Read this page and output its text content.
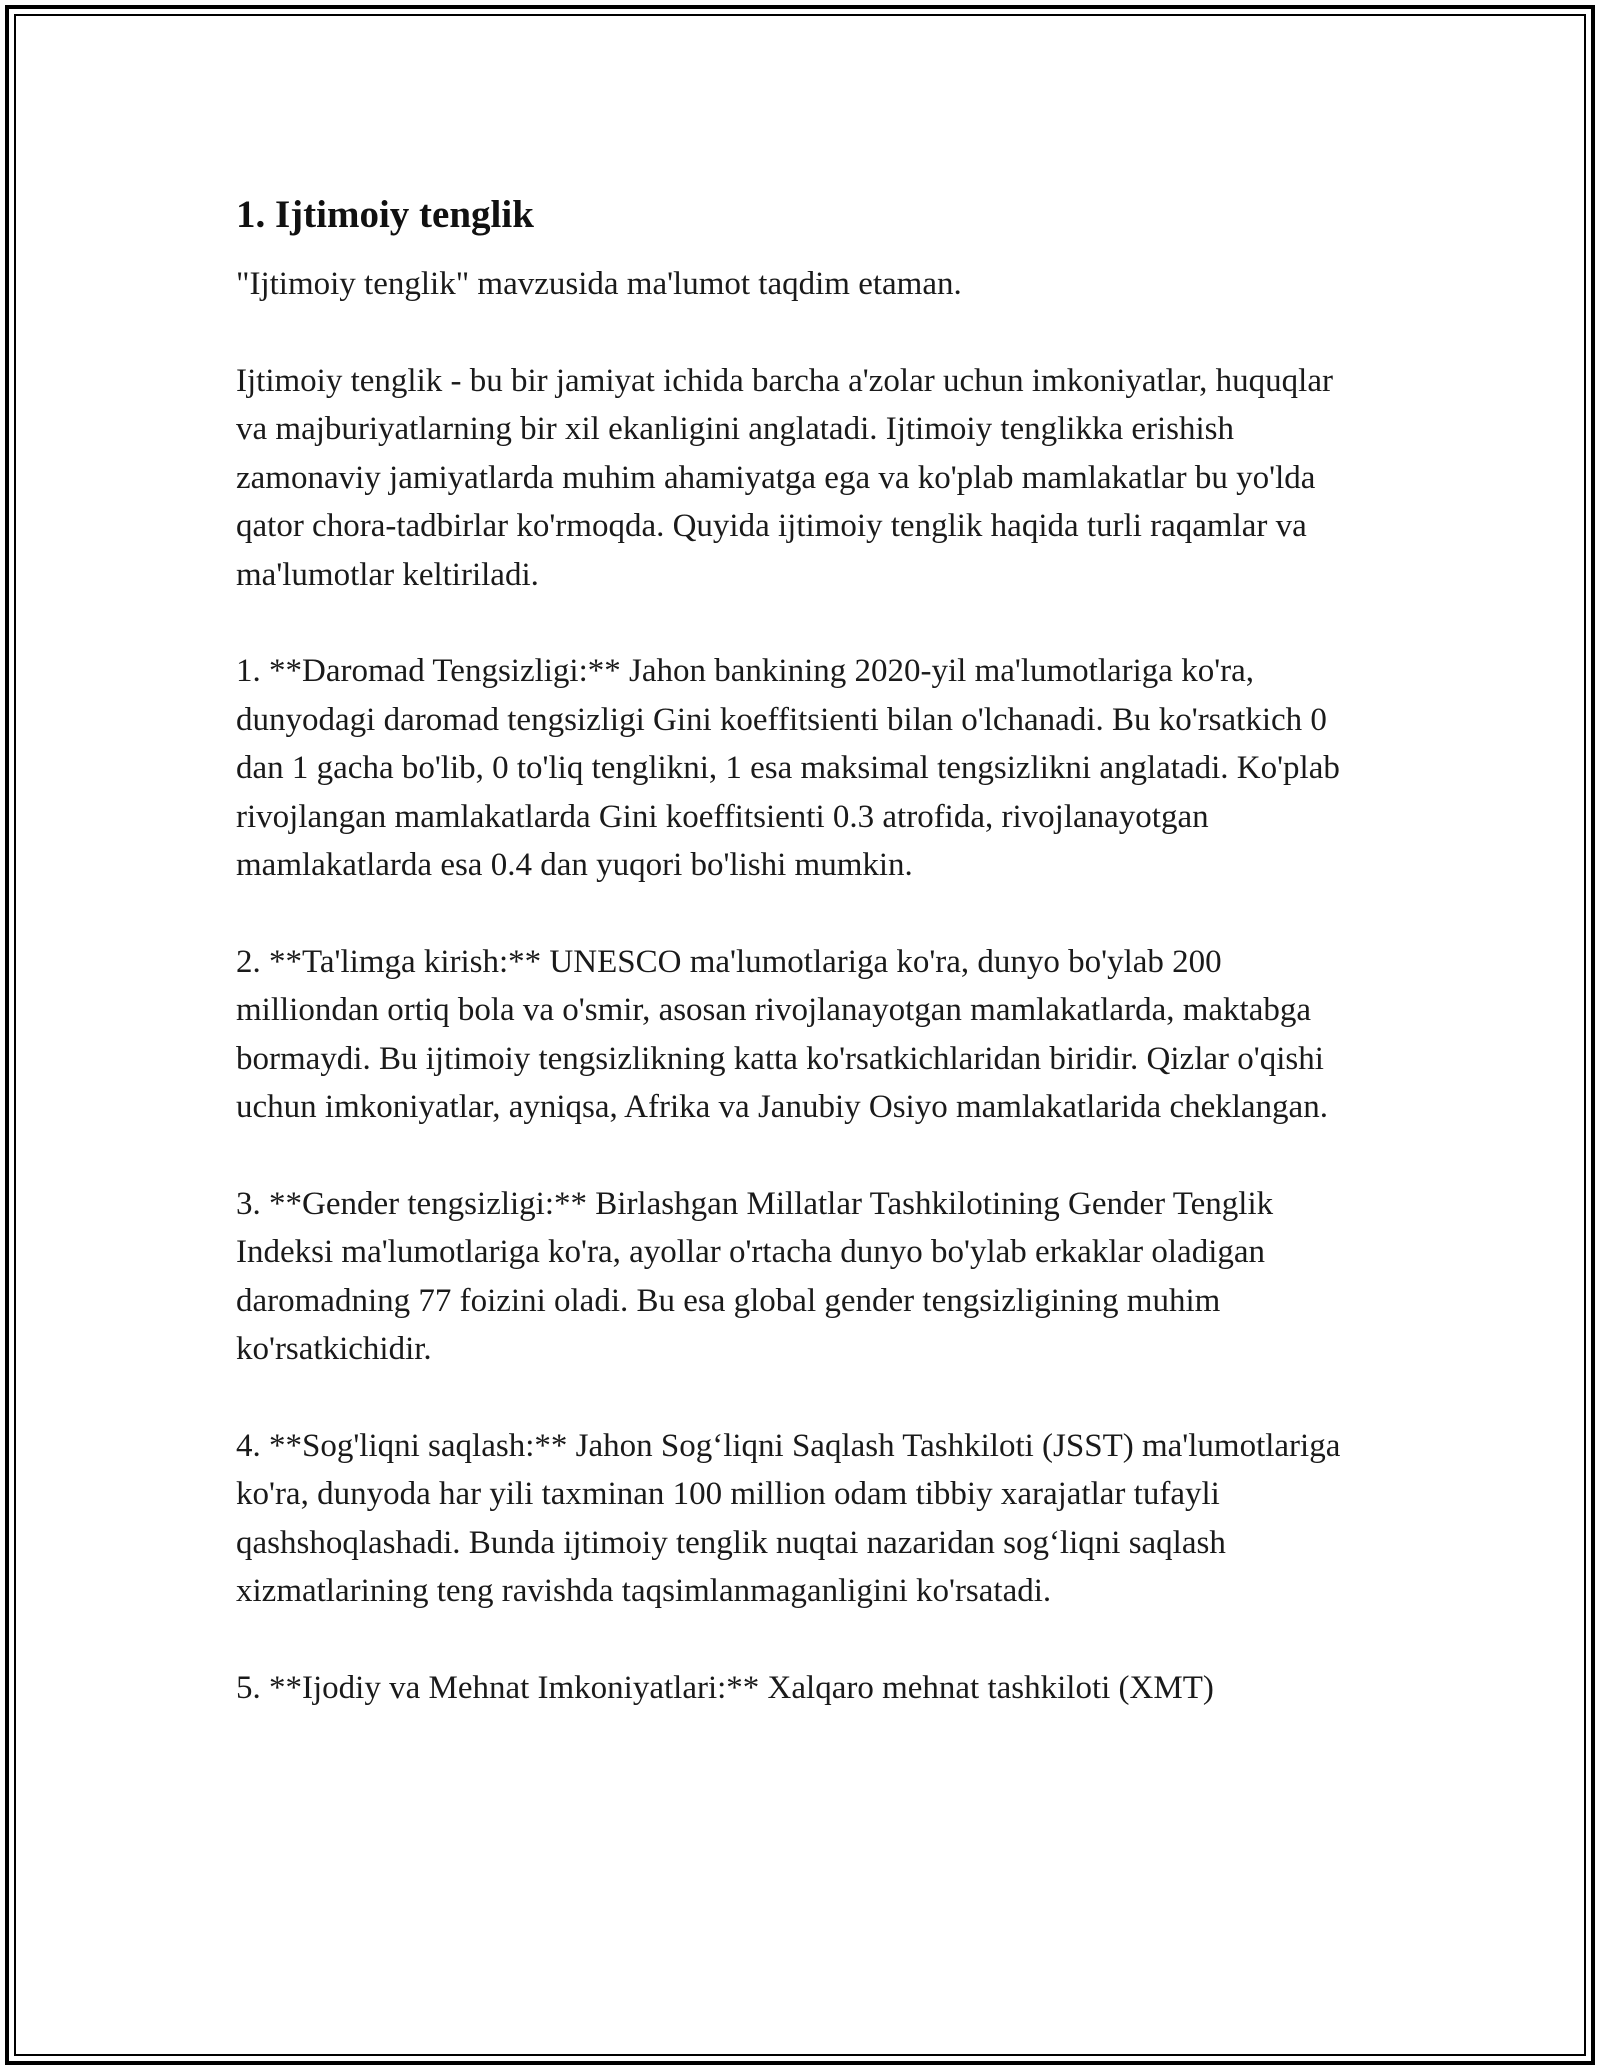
1. Ijtimoiy tenglik

"Ijtimoiy tenglik" mavzusida ma'lumot taqdim etaman.

Ijtimoiy tenglik - bu bir jamiyat ichida barcha a'zolar uchun imkoniyatlar, huquqlar va majburiyatlarning bir xil ekanligini anglatadi. Ijtimoiy tenglikka erishish zamonaviy jamiyatlarda muhim ahamiyatga ega va ko'plab mamlakatlar bu yo'lda qator chora-tadbirlar ko'rmoqda. Quyida ijtimoiy tenglik haqida turli raqamlar va ma'lumotlar keltiriladi.

1. **Daromad Tengsizligi:** Jahon bankining 2020-yil ma'lumotlariga ko'ra, dunyodagi daromad tengsizligi Gini koeffitsienti bilan o'lchanadi. Bu ko'rsatkich 0 dan 1 gacha bo'lib, 0 to'liq tenglikni, 1 esa maksimal tengsizlikni anglatadi. Ko'plab rivojlangan mamlakatlarda Gini koeffitsienti 0.3 atrofida, rivojlanayotgan mamlakatlarda esa 0.4 dan yuqori bo'lishi mumkin.

2. **Ta'limga kirish:** UNESCO ma'lumotlariga ko'ra, dunyo bo'ylab 200 milliondan ortiq bola va o'smir, asosan rivojlanayotgan mamlakatlarda, maktabga bormaydi. Bu ijtimoiy tengsizlikning katta ko'rsatkichlaridan biridir. Qizlar o'qishi uchun imkoniyatlar, ayniqsa, Afrika va Janubiy Osiyo mamlakatlarida cheklangan.

3. **Gender tengsizligi:** Birlashgan Millatlar Tashkilotining Gender Tenglik Indeksi ma'lumotlariga ko'ra, ayollar o'rtacha dunyo bo'ylab erkaklar oladigan daromadning 77 foizini oladi. Bu esa global gender tengsizligining muhim ko'rsatkichidir.

4. **Sog'liqni saqlash:** Jahon Sog‘liqni Saqlash Tashkiloti (JSST) ma'lumotlariga ko'ra, dunyoda har yili taxminan 100 million odam tibbiy xarajatlar tufayli qashshoqlashadi. Bunda ijtimoiy tenglik nuqtai nazaridan sog‘liqni saqlash xizmatlarining teng ravishda taqsimlanmaganligini ko'rsatadi.

5. **Ijodiy va Mehnat Imkoniyatlari:** Xalqaro mehnat tashkiloti (XMT)
